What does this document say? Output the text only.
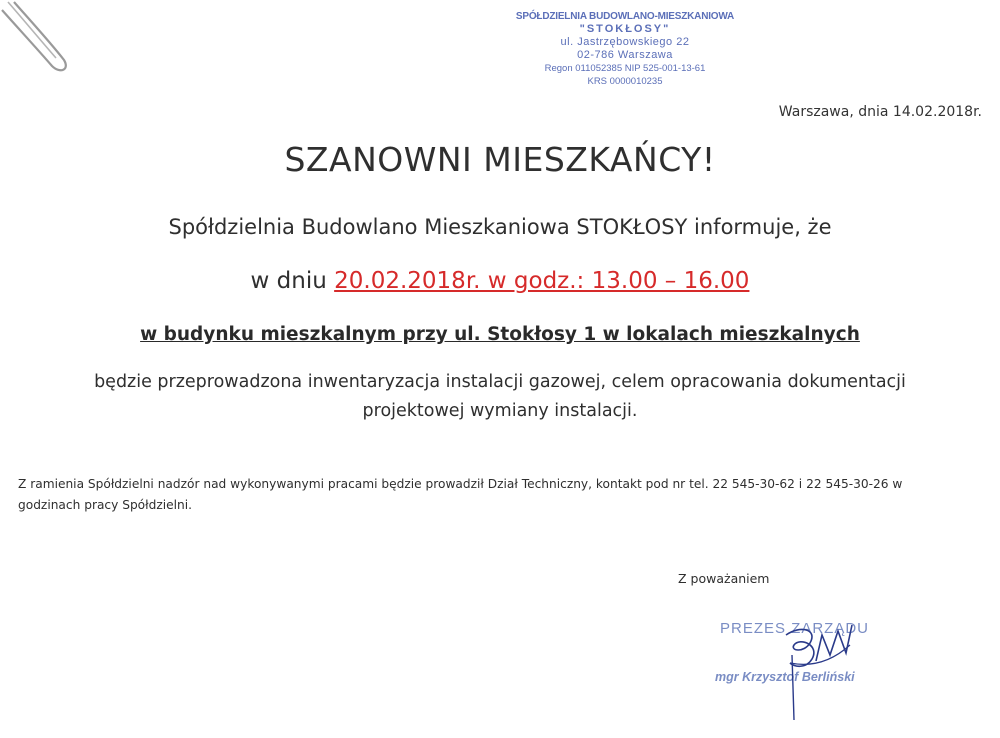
SPÓŁDZIELNIA BUDOWLANO-MIESZKANIOWA
"STOKŁOSY"
ul. Jastrzębowskiego 22
02-786 Warszawa
Regon 011052385 NIP 525-001-13-61
KRS 0000010235
Warszawa, dnia 14.02.2018r.
SZANOWNI MIESZKAŃCY!
Spółdzielnia Budowlano Mieszkaniowa STOKŁOSY informuje, że
w dniu 20.02.2018r. w godz.: 13.00 – 16.00
w budynku mieszkalnym przy ul. Stokłosy 1 w lokalach mieszkalnych
będzie przeprowadzona inwentaryzacja instalacji gazowej, celem opracowania dokumentacji
projektowej wymiany instalacji.
Z ramienia Spółdzielni nadzór nad wykonywanymi pracami będzie prowadził Dział Techniczny, kontakt pod nr tel. 22 545-30-62 i 22 545-30-26 w
godzinach pracy Spółdzielni.
Z poważaniem
PREZES ZARZĄDU
mgr Krzysztof Berliński
